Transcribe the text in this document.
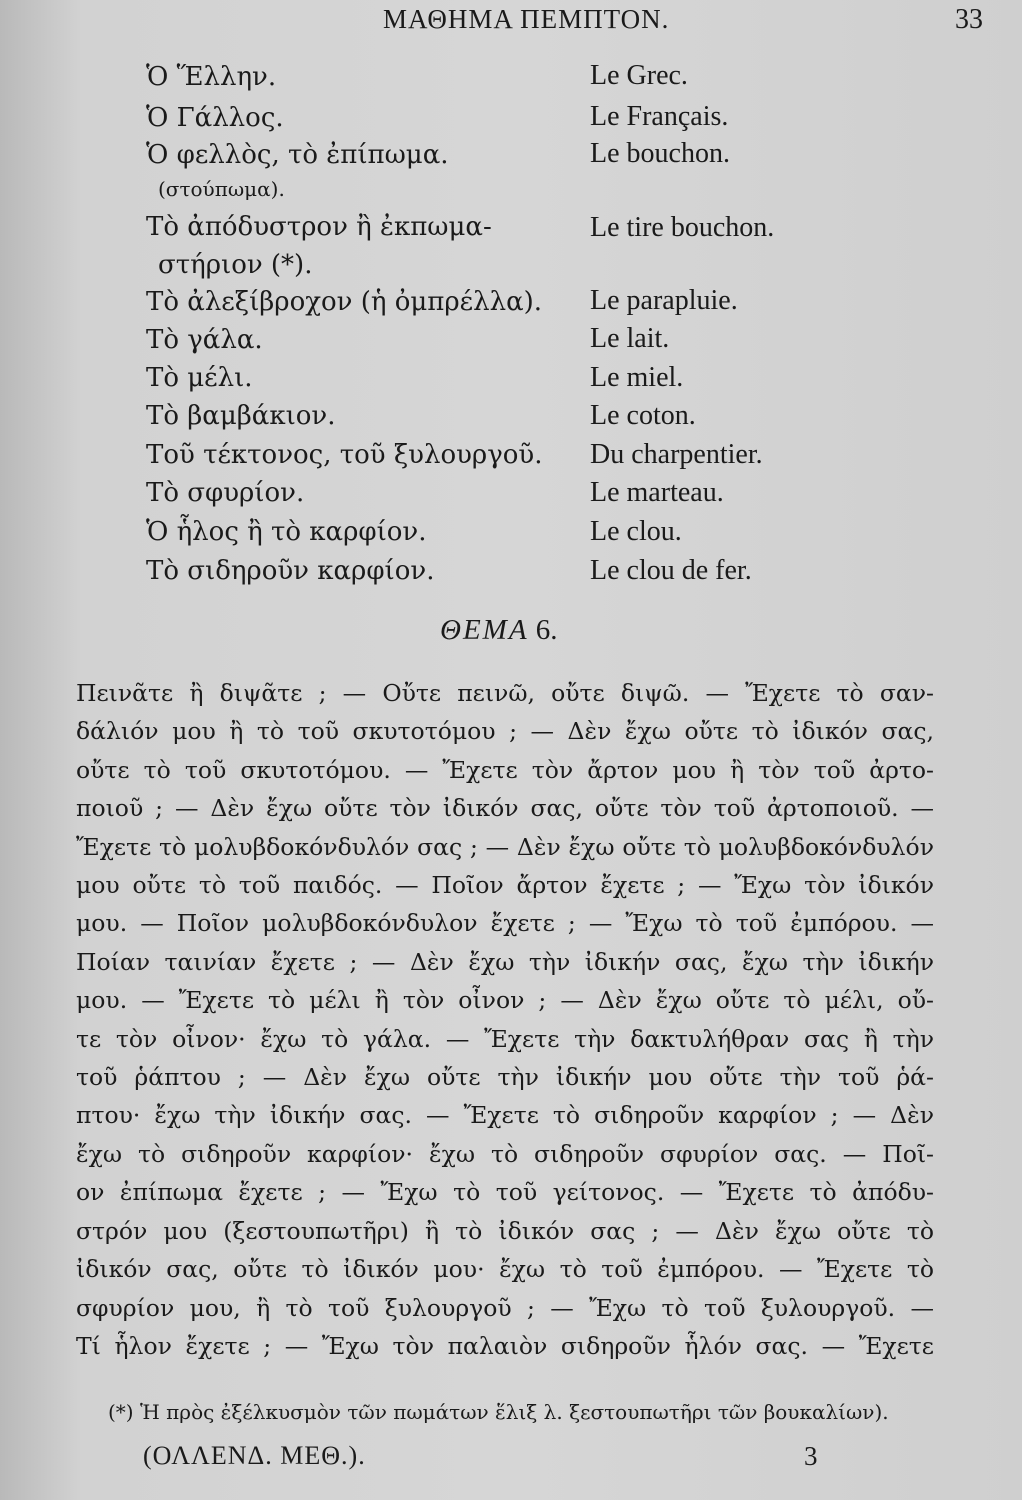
ΜΑΘΗΜΑ ΠΕΜΠΤΟΝ.	33
Ὁ Ἕλλην.	Le Grec.
Ὁ Γάλλος.	Le Français.
Ὁ φελλὸς, τὸ ἐπίπωμα.	Le bouchon.
(στούπωμα).
Τὸ ἀπόδυστρον ἢ ἐκπωμα-	Le tire bouchon.
στήριον (*).
Τὸ ἀλεξίβροχον (ἡ ὀμπρέλλα). Le parapluie.
Τὸ γάλα.	Le lait.
Τὸ μέλι.	Le miel.
Τὸ βαμβάκιον.	Le coton.
Τοῦ τέκτονος, τοῦ ξυλουργοῦ. Du charpentier.
Τὸ σφυρίον.	Le marteau.
Ὁ ἧλος ἢ τὸ καρφίον.	Le clou.
Τὸ σιδηροῦν καρφίον.	Le clou de fer.
ΘΕΜΑ 6.
Πεινᾶτε ἢ διψᾶτε ; — Οὔτε πεινῶ, οὔτε διψῶ. — Ἔχετε τὸ σαν-
δάλιόν μου ἢ τὸ τοῦ σκυτοτόμου ; — Δὲν ἔχω οὔτε τὸ ἰδικόν σας,
οὔτε τὸ τοῦ σκυτοτόμου. — Ἔχετε τὸν ἄρτον μου ἢ τὸν τοῦ ἀρτο-
ποιοῦ ; — Δὲν ἔχω οὔτε τὸν ἰδικόν σας, οὔτε τὸν τοῦ ἀρτοποιοῦ. —
Ἔχετε τὸ μολυβδοκόνδυλόν σας ; — Δὲν ἔχω οὔτε τὸ μολυβδοκόνδυλόν
μου οὔτε τὸ τοῦ παιδός. — Ποῖον ἄρτον ἔχετε ; — Ἔχω τὸν ἰδικόν
μου. — Ποῖον μολυβδοκόνδυλον ἔχετε ; — Ἔχω τὸ τοῦ ἐμπόρου. —
Ποίαν ταινίαν ἔχετε ; — Δὲν ἔχω τὴν ἰδικήν σας, ἔχω τὴν ἰδικήν
μου. — Ἔχετε τὸ μέλι ἢ τὸν οἶνον ; — Δὲν ἔχω οὔτε τὸ μέλι, οὔ-
τε τὸν οἶνον· ἔχω τὸ γάλα. — Ἔχετε τὴν δακτυλήθραν σας ἢ τὴν
τοῦ ῥάπτου ; — Δὲν ἔχω οὔτε τὴν ἰδικήν μου οὔτε τὴν τοῦ ῥά-
πτου· ἔχω τὴν ἰδικήν σας. — Ἔχετε τὸ σιδηροῦν καρφίον ; — Δὲν
ἔχω τὸ σιδηροῦν καρφίον· ἔχω τὸ σιδηροῦν σφυρίον σας. — Ποῖ-
ον ἐπίπωμα ἔχετε ; — Ἔχω τὸ τοῦ γείτονος. — Ἔχετε τὸ ἀπόδυ-
στρόν μου (ξεστουπωτῆρι) ἢ τὸ ἰδικόν σας ; — Δὲν ἔχω οὔτε τὸ
ἰδικόν σας, οὔτε τὸ ἰδικόν μου· ἔχω τὸ τοῦ ἐμπόρου. — Ἔχετε τὸ
σφυρίον μου, ἢ τὸ τοῦ ξυλουργοῦ ; — Ἔχω τὸ τοῦ ξυλουργοῦ. —
Τί ἧλον ἔχετε ; — Ἔχω τὸν παλαιὸν σιδηροῦν ἧλόν σας. — Ἔχετε
(*) Ἡ πρὸς ἐξέλκυσμὸν τῶν πωμάτων ἕλιξ λ. ξεστουπωτῆρι τῶν βουκαλίων).
(ΟΛΛΕΝΔ. ΜΕΘ.).	3
